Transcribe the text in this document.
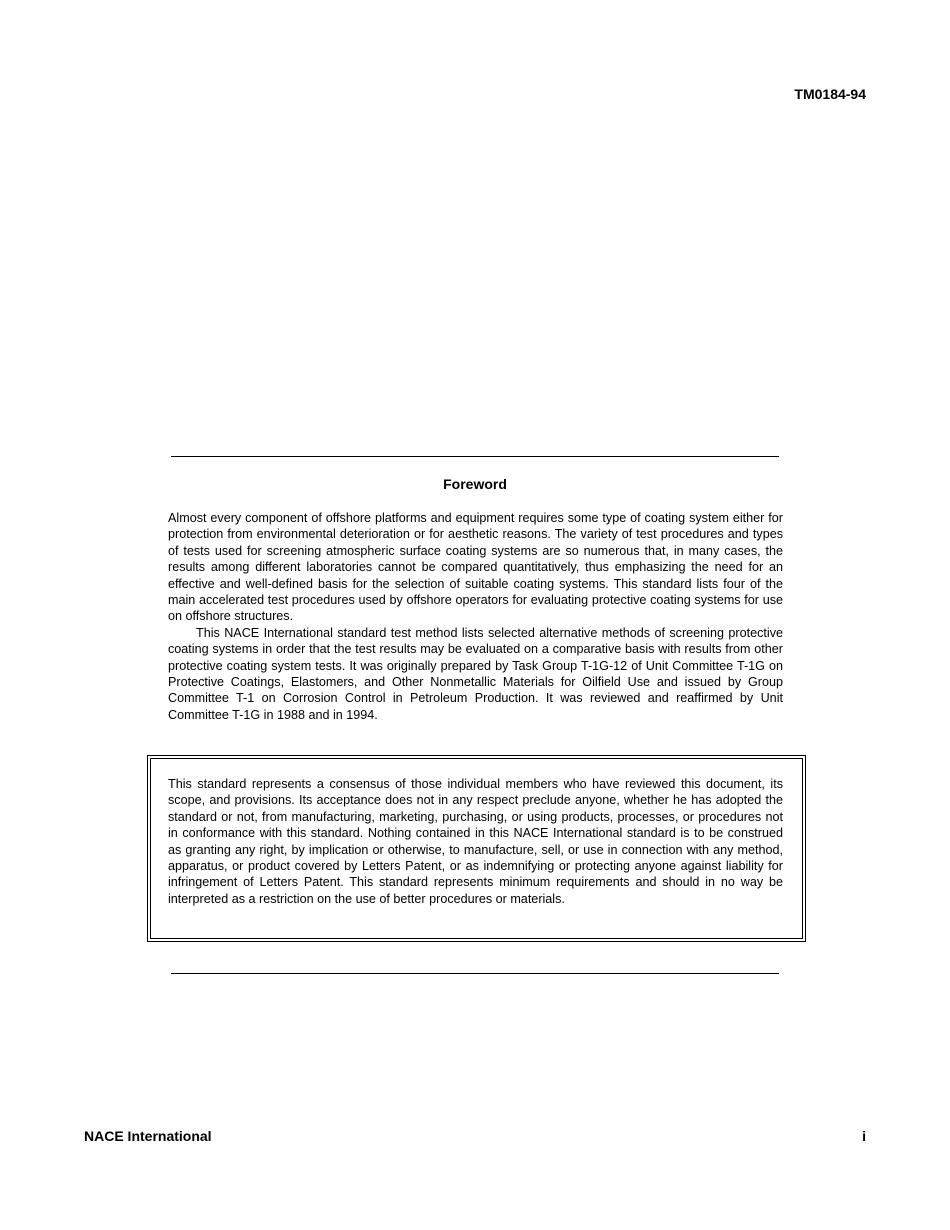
TM0184-94

Foreword

Almost every component of offshore platforms and equipment requires some type of coating system either for protection from environmental deterioration or for aesthetic reasons. The variety of test procedures and types of tests used for screening atmospheric surface coating systems are so numerous that, in many cases, the results among different laboratories cannot be compared quantitatively, thus emphasizing the need for an effective and well-defined basis for the selection of suitable coating systems. This standard lists four of the main accelerated test procedures used by offshore operators for evaluating protective coating systems for use on offshore structures.

This NACE International standard test method lists selected alternative methods of screening protective coating systems in order that the test results may be evaluated on a comparative basis with results from other protective coating system tests. It was originally prepared by Task Group T-1G-12 of Unit Committee T-1G on Protective Coatings, Elastomers, and Other Nonmetallic Materials for Oilfield Use and issued by Group Committee T-1 on Corrosion Control in Petroleum Production. It was reviewed and reaffirmed by Unit Committee T-1G in 1988 and in 1994.

This standard represents a consensus of those individual members who have reviewed this document, its scope, and provisions. Its acceptance does not in any respect preclude anyone, whether he has adopted the standard or not, from manufacturing, marketing, purchasing, or using products, processes, or procedures not in conformance with this standard. Nothing contained in this NACE International standard is to be construed as granting any right, by implication or otherwise, to manufacture, sell, or use in connection with any method, apparatus, or product covered by Letters Patent, or as indemnifying or protecting anyone against liability for infringement of Letters Patent. This standard represents minimum requirements and should in no way be interpreted as a restriction on the use of better procedures or materials.

NACE International	i
